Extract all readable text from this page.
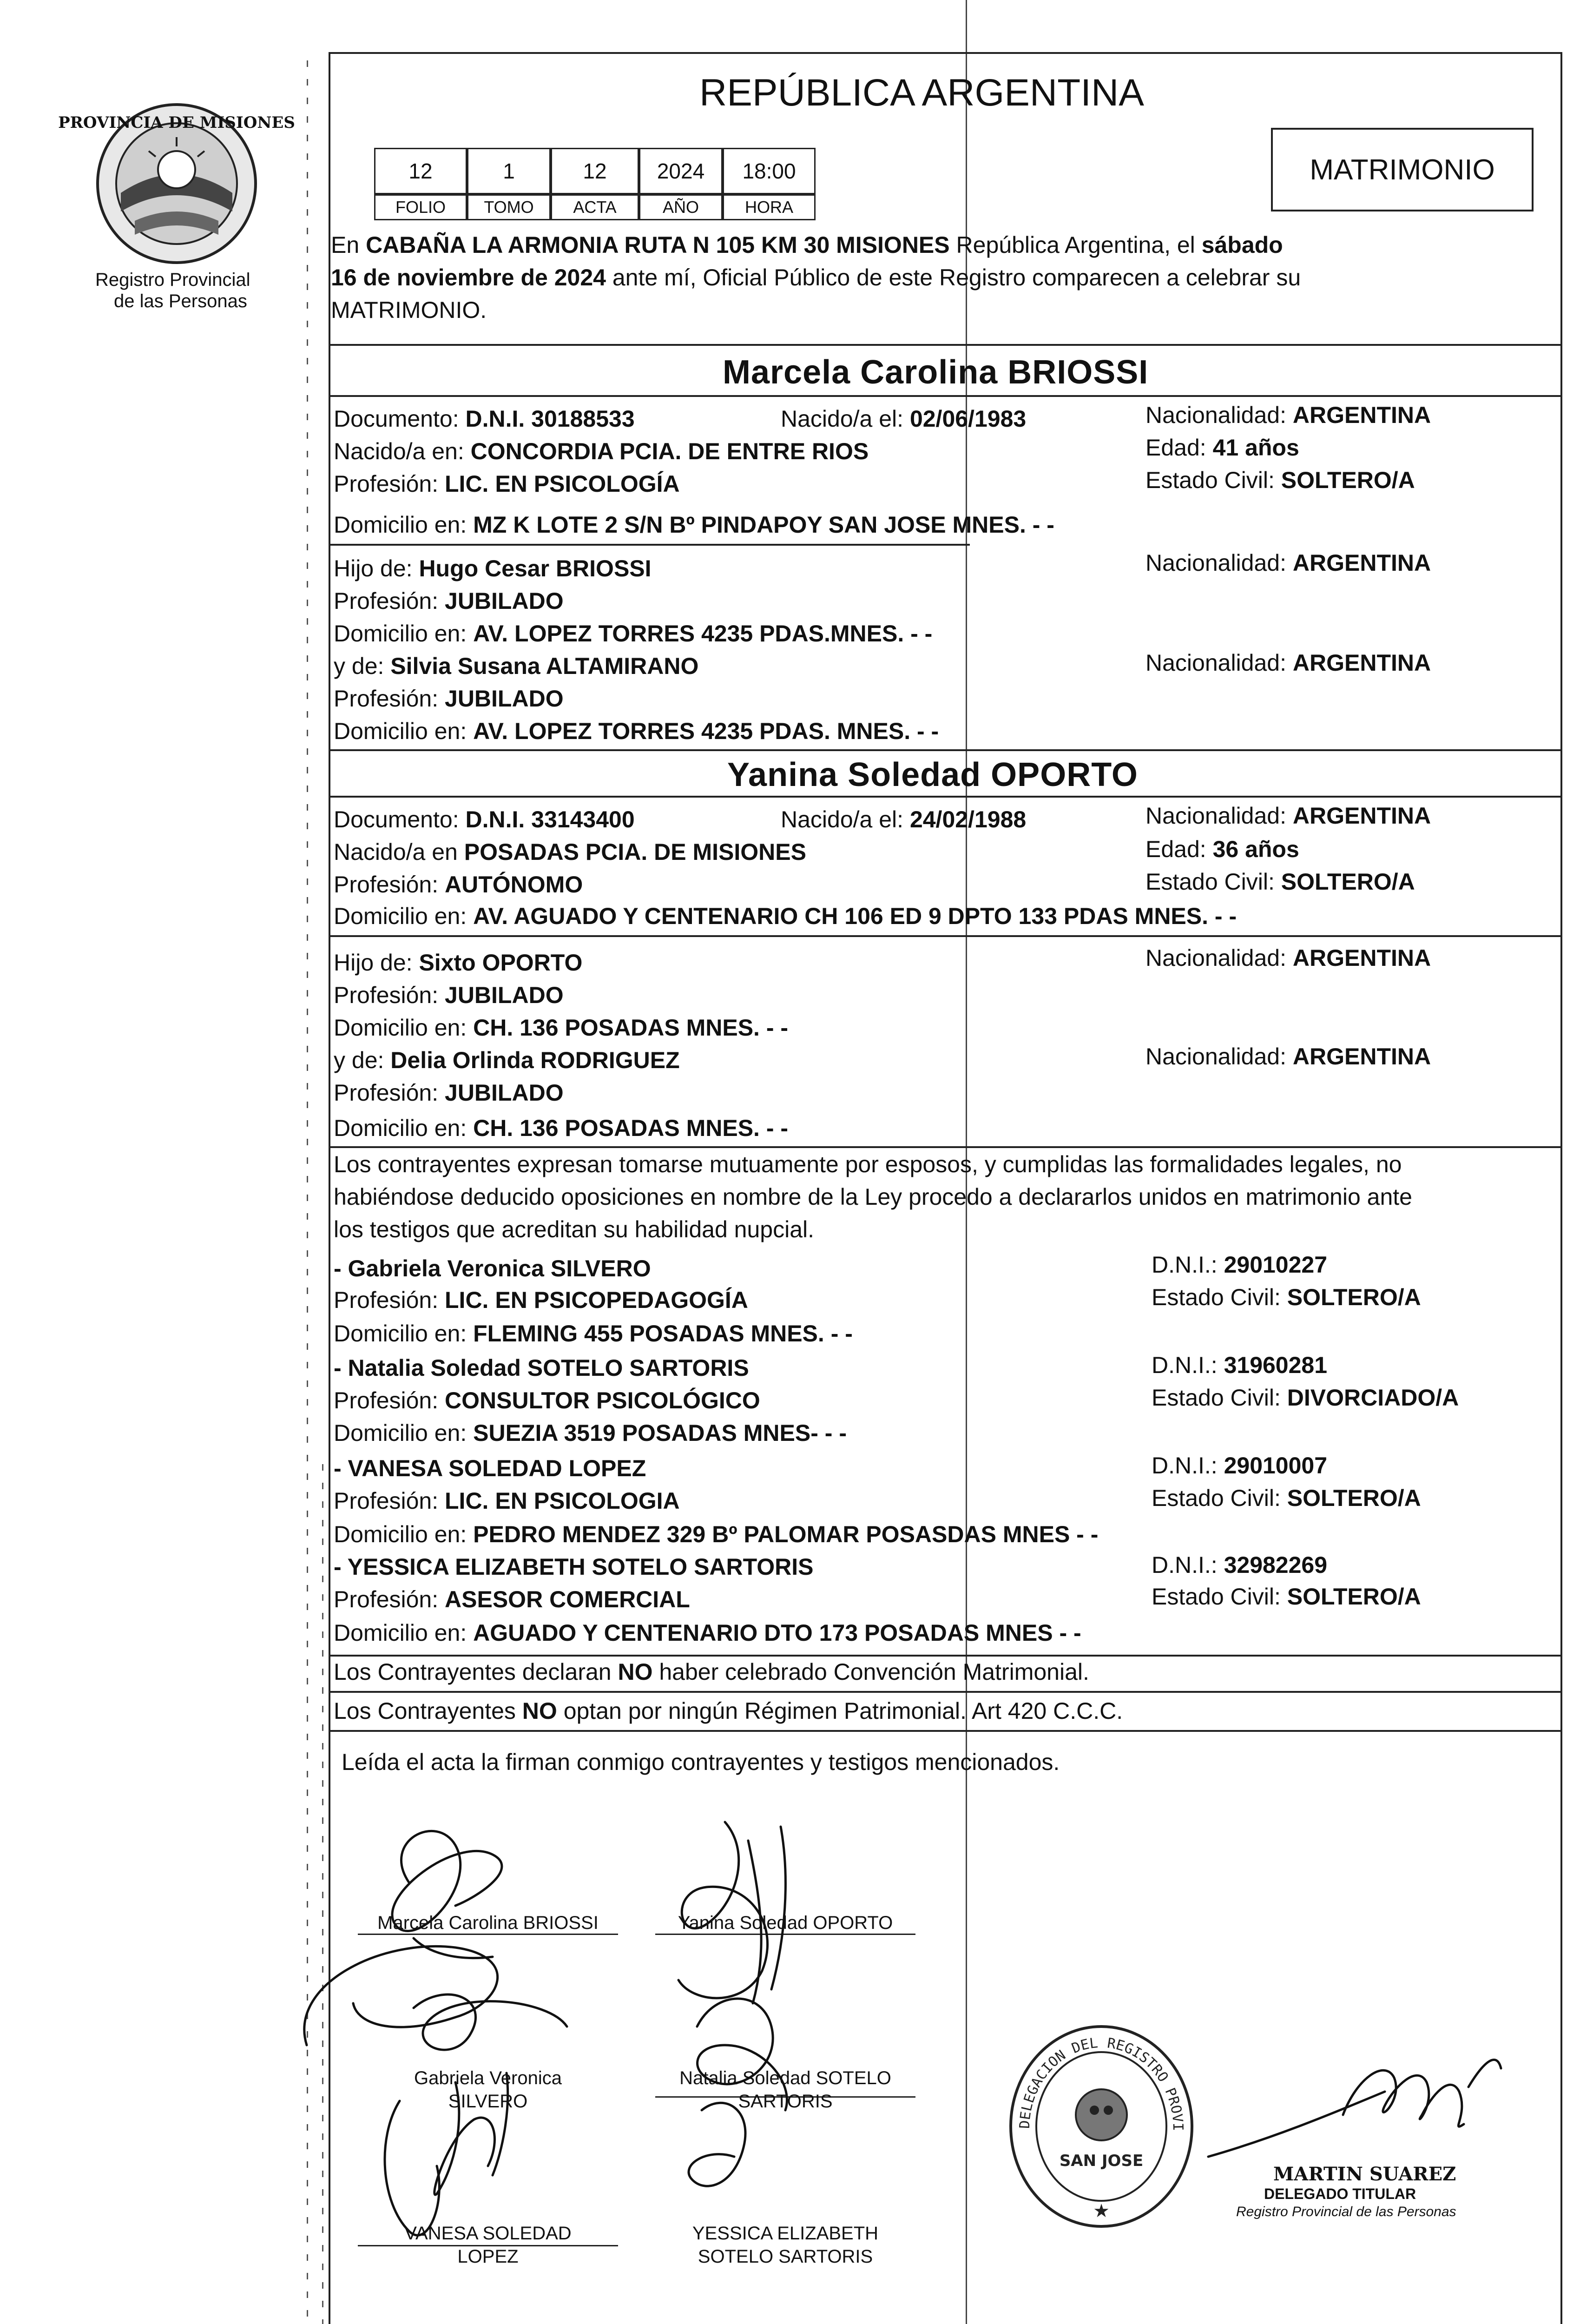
PROVINCIA DE MISIONES
Registro Provincial
de las Personas
REPÚBLICA ARGENTINA
12	1	12	2024	18:00
FOLIO	TOMO	ACTA	AÑO	HORA
MATRIMONIO
En CABAÑA LA ARMONIA RUTA N 105 KM 30 MISIONES República Argentina, el sábado
16 de noviembre de 2024 ante mí, Oficial Público de este Registro comparecen a celebrar su
MATRIMONIO.
Marcela Carolina BRIOSSI
Documento: D.N.I. 30188533	Nacido/a el: 02/06/1983	Nacionalidad: ARGENTINA
Nacido/a en: CONCORDIA PCIA. DE ENTRE RIOS	Edad: 41 años
Profesión: LIC. EN PSICOLOGÍA	Estado Civil: SOLTERO/A
Domicilio en: MZ K LOTE 2 S/N Bº PINDAPOY SAN JOSE MNES. - -
Hijo de: Hugo Cesar BRIOSSI	Nacionalidad: ARGENTINA
Profesión: JUBILADO
Domicilio en: AV. LOPEZ TORRES 4235 PDAS.MNES. - -
y de: Silvia Susana ALTAMIRANO	Nacionalidad: ARGENTINA
Profesión: JUBILADO
Domicilio en: AV. LOPEZ TORRES 4235 PDAS. MNES. - -
Yanina Soledad OPORTO
Documento: D.N.I. 33143400	Nacido/a el: 24/02/1988	Nacionalidad: ARGENTINA
Nacido/a en POSADAS PCIA. DE MISIONES	Edad: 36 años
Profesión: AUTÓNOMO	Estado Civil: SOLTERO/A
Domicilio en: AV. AGUADO Y CENTENARIO CH 106 ED 9 DPTO 133 PDAS MNES. - -
Hijo de: Sixto OPORTO	Nacionalidad: ARGENTINA
Profesión: JUBILADO
Domicilio en: CH. 136 POSADAS MNES. - -
y de: Delia Orlinda RODRIGUEZ	Nacionalidad: ARGENTINA
Profesión: JUBILADO
Domicilio en: CH. 136 POSADAS MNES. - -
Los contrayentes expresan tomarse mutuamente por esposos, y cumplidas las formalidades legales, no
habiéndose deducido oposiciones en nombre de la Ley procedo a declararlos unidos en matrimonio ante
los testigos que acreditan su habilidad nupcial.
- Gabriela Veronica SILVERO	D.N.I.: 29010227
Profesión: LIC. EN PSICOPEDAGOGÍA	Estado Civil: SOLTERO/A
Domicilio en: FLEMING 455 POSADAS MNES. - -
- Natalia Soledad SOTELO SARTORIS	D.N.I.: 31960281
Profesión: CONSULTOR PSICOLÓGICO	Estado Civil: DIVORCIADO/A
Domicilio en: SUEZIA 3519 POSADAS MNES- - -
- VANESA SOLEDAD LOPEZ	D.N.I.: 29010007
Profesión: LIC. EN PSICOLOGIA	Estado Civil: SOLTERO/A
Domicilio en: PEDRO MENDEZ 329 Bº PALOMAR POSASDAS MNES - -
- YESSICA ELIZABETH SOTELO SARTORIS	D.N.I.: 32982269
Profesión: ASESOR COMERCIAL	Estado Civil: SOLTERO/A
Domicilio en: AGUADO Y CENTENARIO DTO 173 POSADAS MNES - -
Los Contrayentes declaran NO haber celebrado Convención Matrimonial.
Los Contrayentes NO optan por ningún Régimen Patrimonial. Art 420 C.C.C.
Leída el acta la firman conmigo contrayentes y testigos mencionados.
Marcela Carolina BRIOSSI	Yanina Soledad OPORTO
Gabriela Veronica
SILVERO
Natalia Soledad SOTELO
SARTORIS
VANESA SOLEDAD
LOPEZ
YESSICA ELIZABETH
SOTELO SARTORIS
DELEGACION DEL REGISTRO PROVI
SAN JOSE
★
MARTIN SUAREZ
DELEGADO TITULAR
Registro Provincial de las Personas
